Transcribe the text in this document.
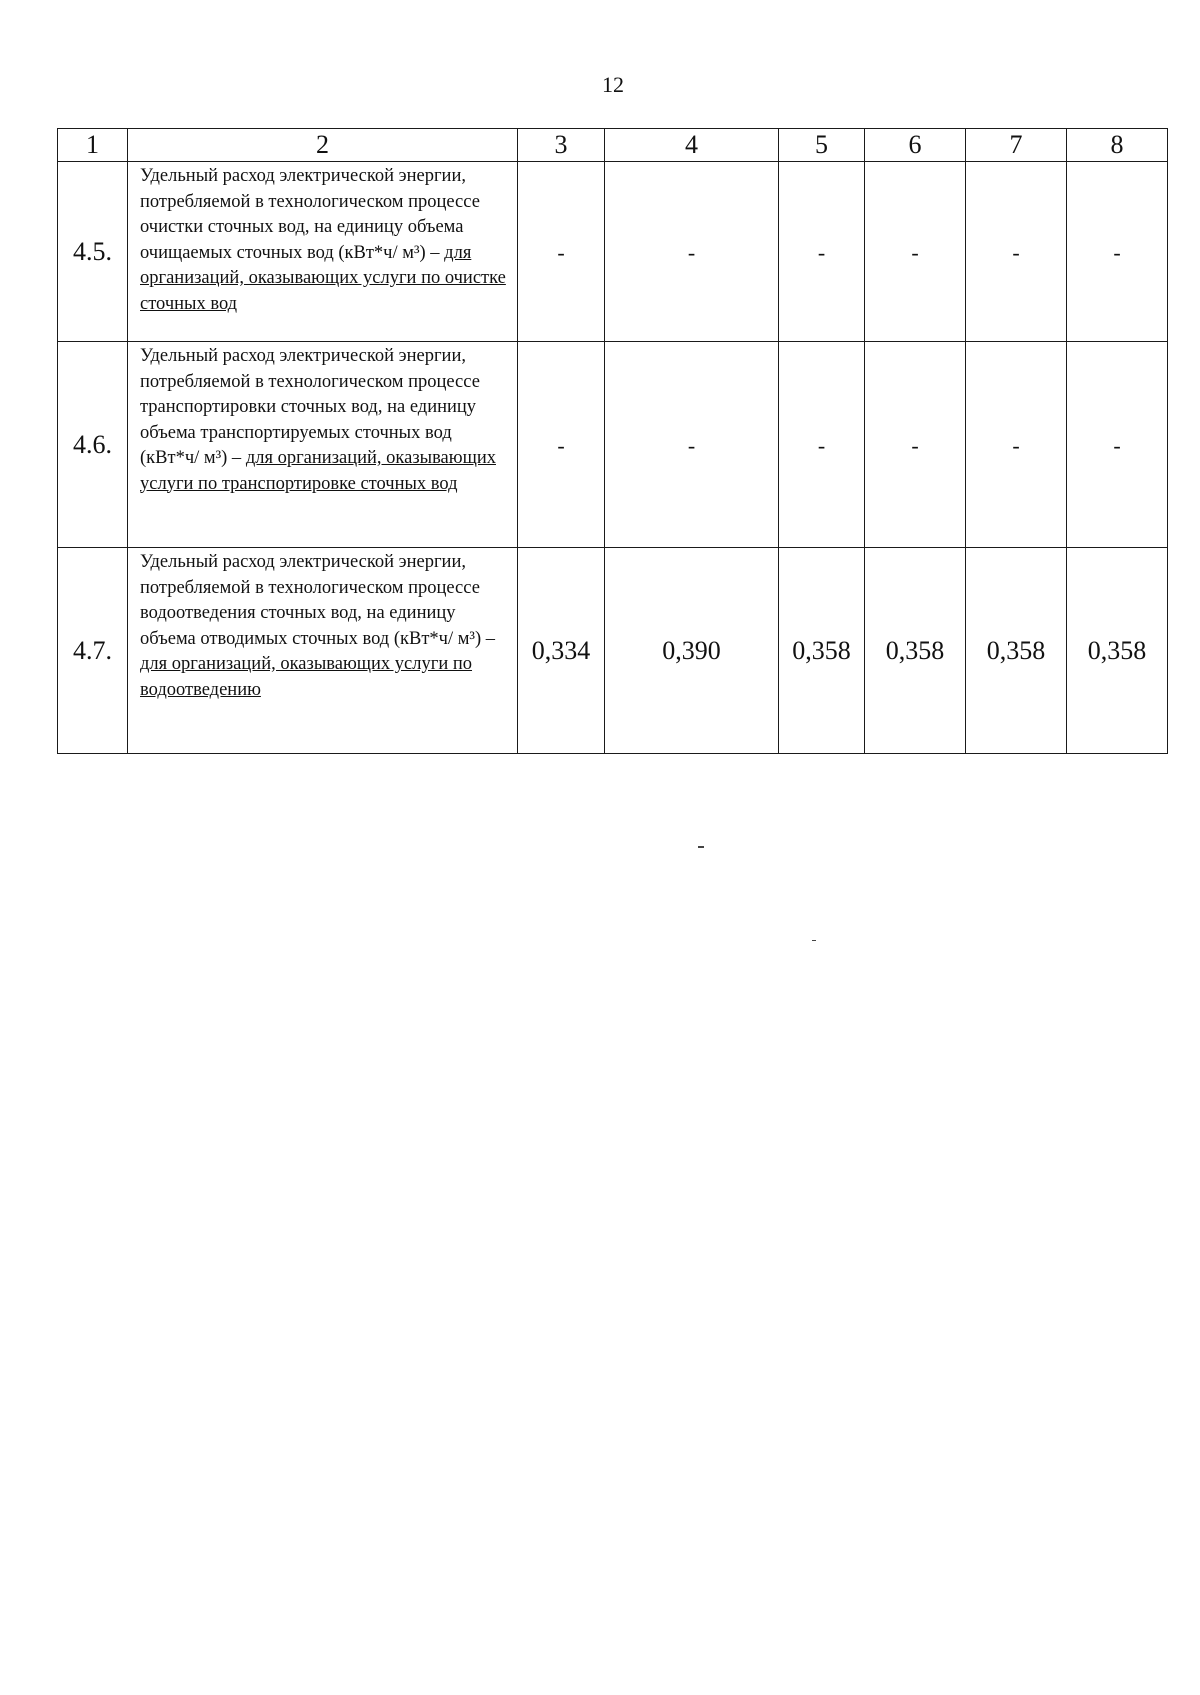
12
1	2	3	4	5	6	7	8
4.5.	Удельный расход электрической энергии, потребляемой в технологическом процессе очистки сточных вод, на единицу объема очищаемых сточных вод (кВт*ч/ м³) – для организаций, оказывающих услуги по очистке сточных вод	-	-	-	-	-	-
4.6.	Удельный расход электрической энергии, потребляемой в технологическом процессе транспортировки сточных вод, на единицу объема транспортируемых сточных вод (кВт*ч/ м³) – для организаций, оказывающих услуги по транспортировке сточных вод	-	-	-	-	-	-
4.7.	Удельный расход электрической энергии, потребляемой в технологическом процессе водоотведения сточных вод, на единицу объема отводимых сточных вод (кВт*ч/ м³) – для организаций, оказывающих услуги по водоотведению	0,334	0,390	0,358	0,358	0,358	0,358
